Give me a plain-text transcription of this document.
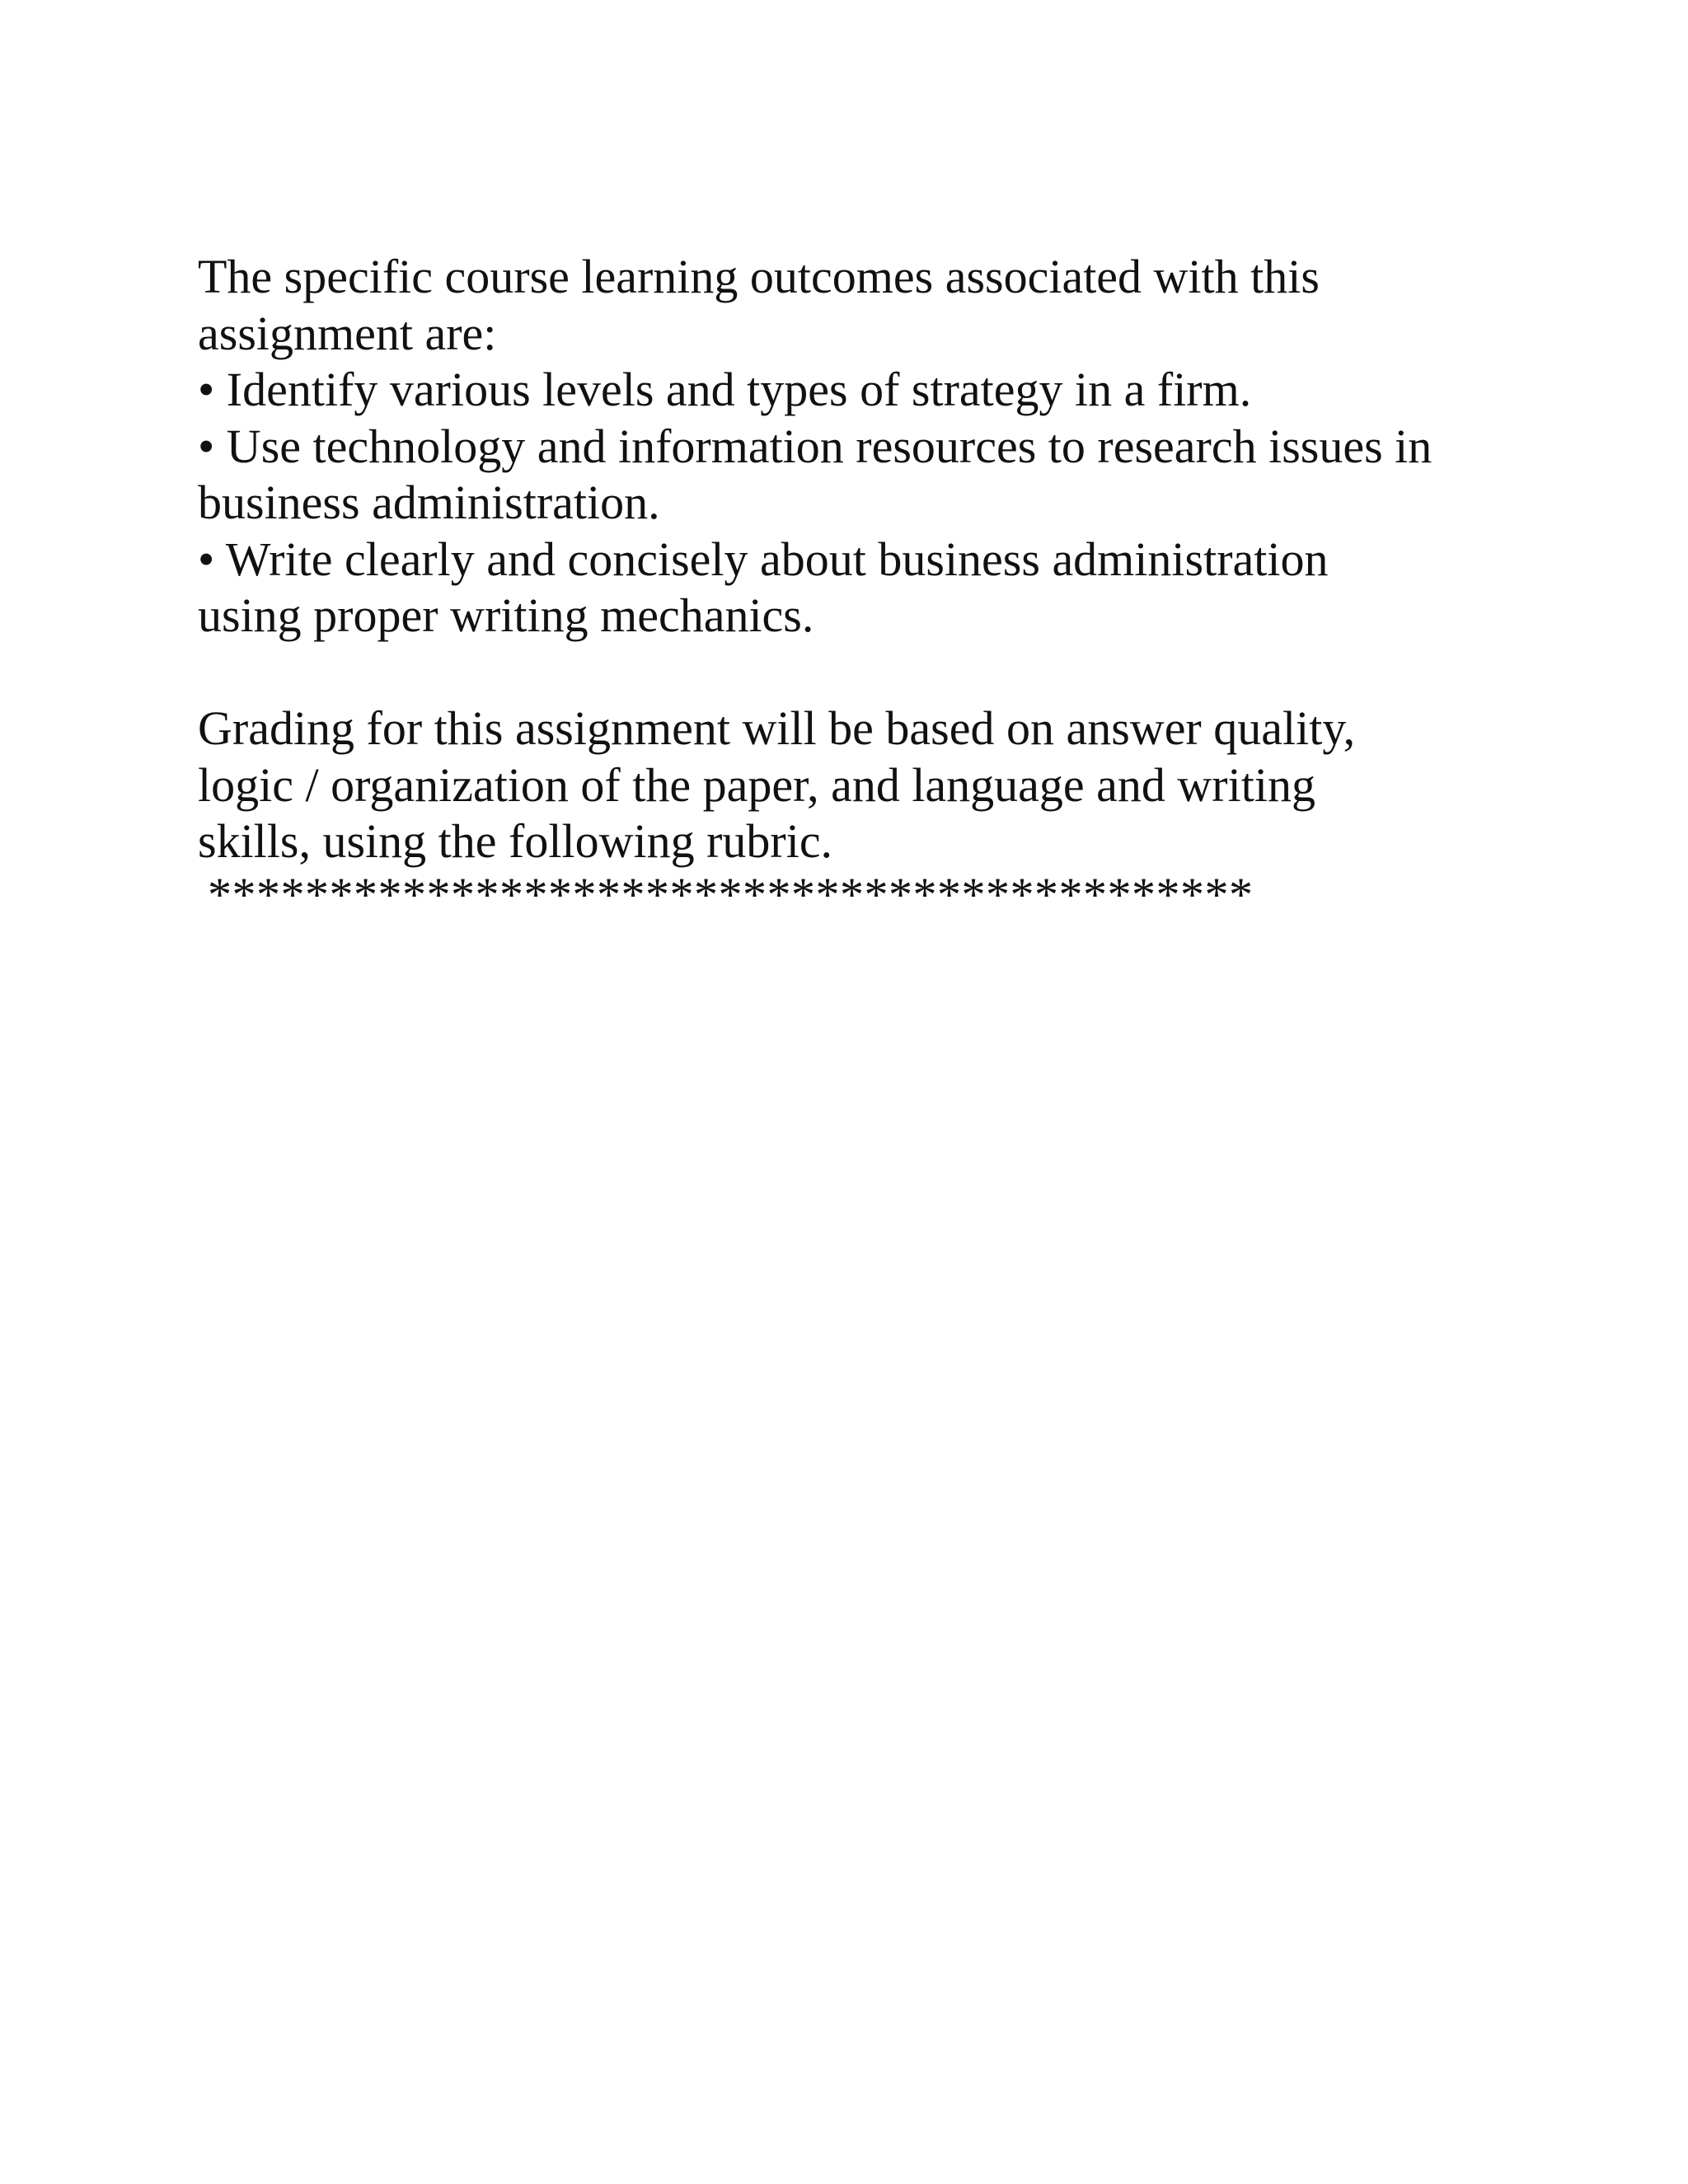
The specific course learning outcomes associated with this
assignment are:
• Identify various levels and types of strategy in a firm.
• Use technology and information resources to research issues in
business administration.
• Write clearly and concisely about business administration
using proper writing mechanics.
Grading for this assignment will be based on answer quality,
logic / organization of the paper, and language and writing
skills, using the following rubric.
*******************************************
